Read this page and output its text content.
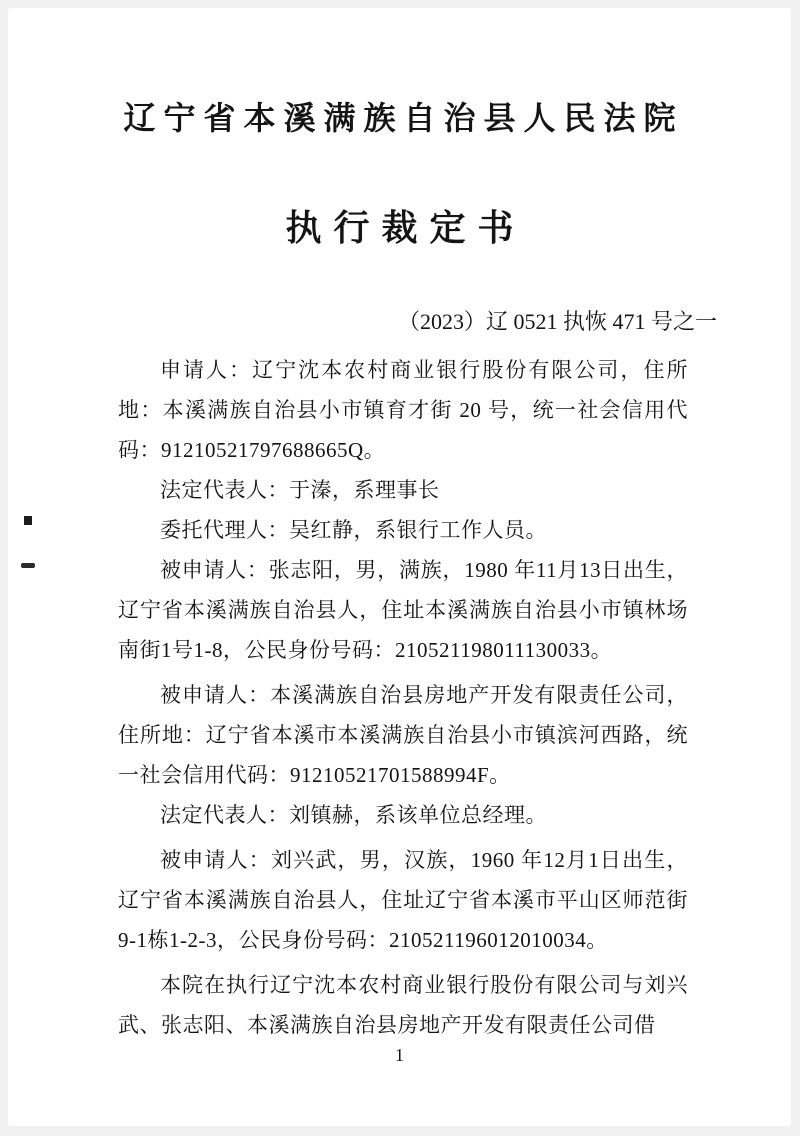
辽宁省本溪满族自治县人民法院
执行裁定书
（2023）辽 0521 执恢 471 号之一

申请人：辽宁沈本农村商业银行股份有限公司，住所地：本溪满族自治县小市镇育才街 20 号，统一社会信用代码：91210521797688665Q。

法定代表人：于溱，系理事长

委托代理人：吴红静，系银行工作人员。

被申请人：张志阳，男，满族，1980 年11月13日出生，辽宁省本溪满族自治县人，住址本溪满族自治县小市镇林场南街1号1-8，公民身份号码：210521198011130033。

被申请人：本溪满族自治县房地产开发有限责任公司，住所地：辽宁省本溪市本溪满族自治县小市镇滨河西路，统一社会信用代码：91210521701588994F。

法定代表人：刘镇赫，系该单位总经理。

被申请人：刘兴武，男，汉族，1960 年12月1日出生，辽宁省本溪满族自治县人，住址辽宁省本溪市平山区师范街9-1栋1-2-3，公民身份号码：210521196012010034。

本院在执行辽宁沈本农村商业银行股份有限公司与刘兴武、张志阳、本溪满族自治县房地产开发有限责任公司借

1
